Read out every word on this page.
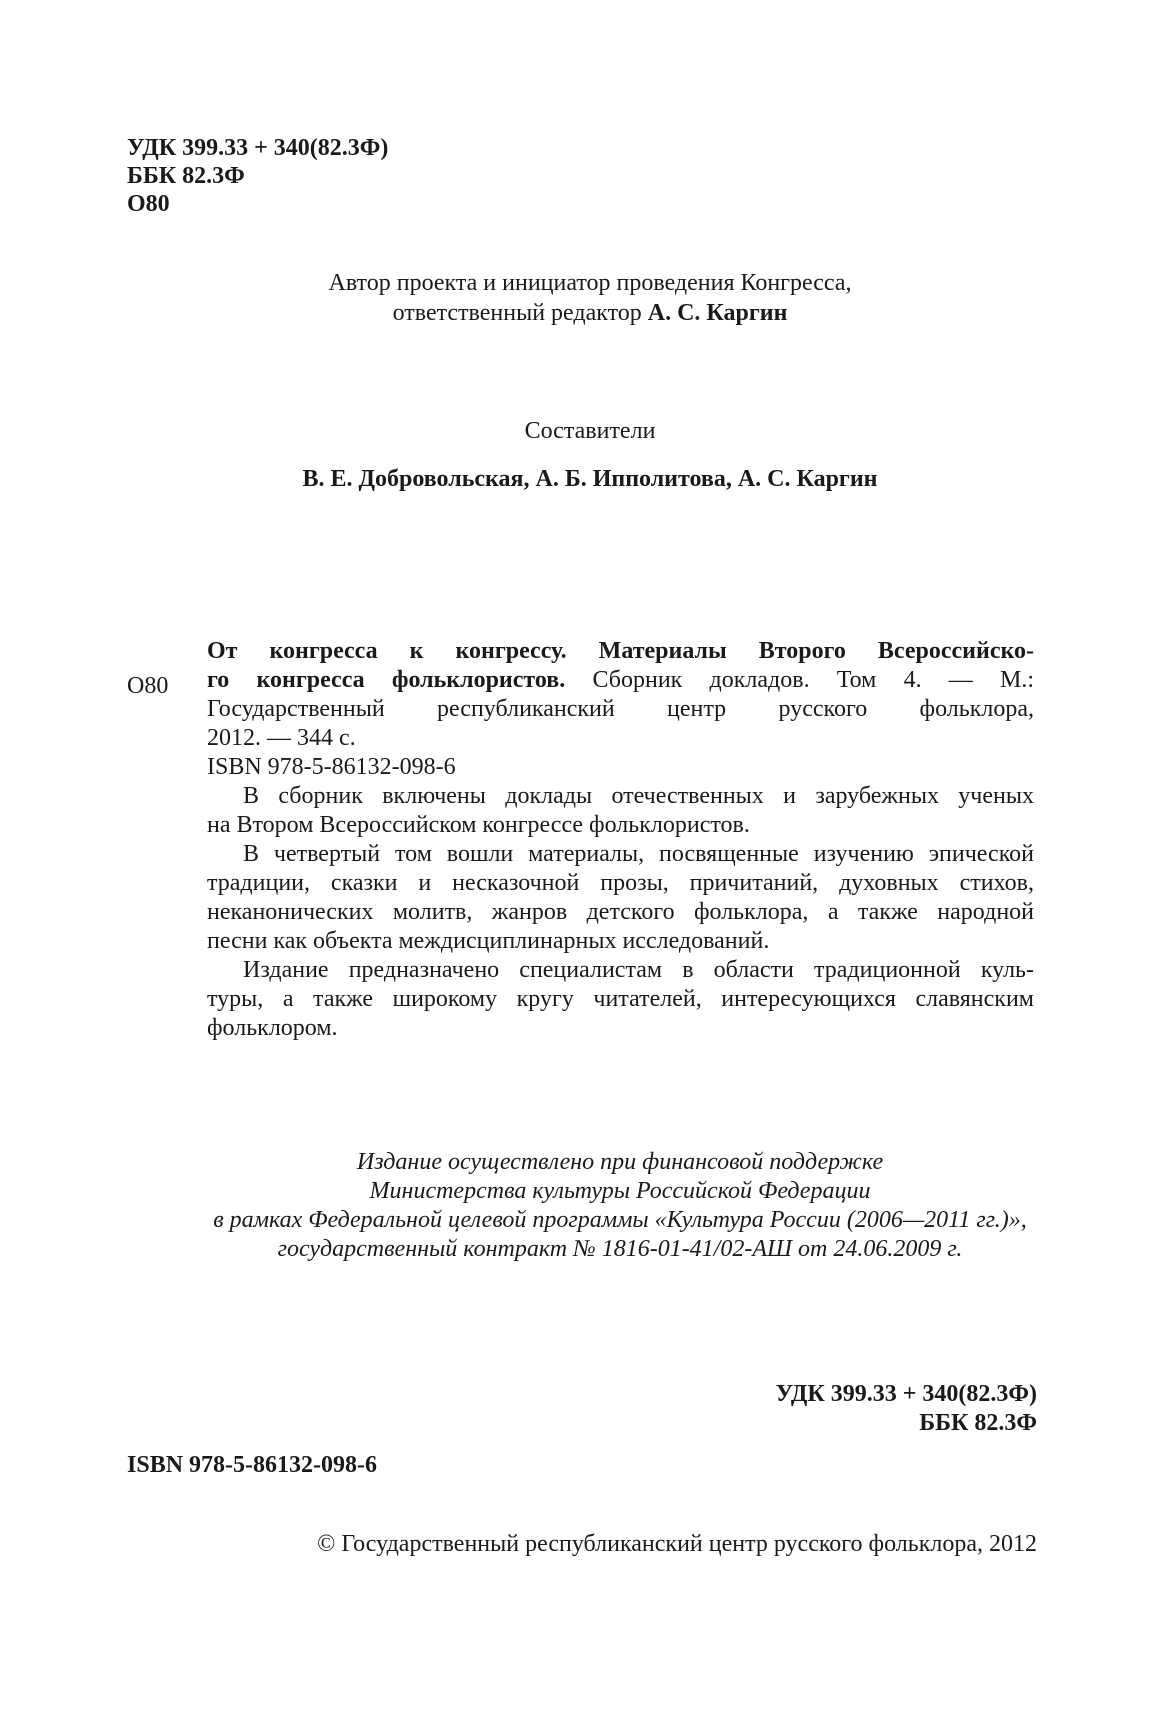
УДК 399.33 + 340(82.3Ф)
ББК 82.3Ф
О80
Автор проекта и инициатор проведения Конгресса,
ответственный редактор А. С. Каргин
Составители
В. Е. Добровольская, А. Б. Ипполитова, А. С. Каргин
О80
От конгресса к конгрессу. Материалы Второго Всероссийско-
го конгресса фольклористов. Сборник докладов. Том 4. — М.:
Государственный республиканский центр русского фольклора,
2012. — 344 с.
ISBN 978-5-86132-098-6
В сборник включены доклады отечественных и зарубежных ученых
на Втором Всероссийском конгрессе фольклористов.
В четвертый том вошли материалы, посвященные изучению эпической
традиции, сказки и несказочной прозы, причитаний, духовных стихов,
неканонических молитв, жанров детского фольклора, а также народной
песни как объекта междисциплинарных исследований.
Издание предназначено специалистам в области традиционной куль-
туры, а также широкому кругу читателей, интересующихся славянским
фольклором.
Издание осуществлено при финансовой поддержке
Министерства культуры Российской Федерации
в рамках Федеральной целевой программы «Культура России (2006—2011 гг.)»,
государственный контракт № 1816-01-41/02-АШ от 24.06.2009 г.
УДК 399.33 + 340(82.3Ф)
ББК 82.3Ф
ISBN 978-5-86132-098-6
© Государственный республиканский центр русского фольклора, 2012
